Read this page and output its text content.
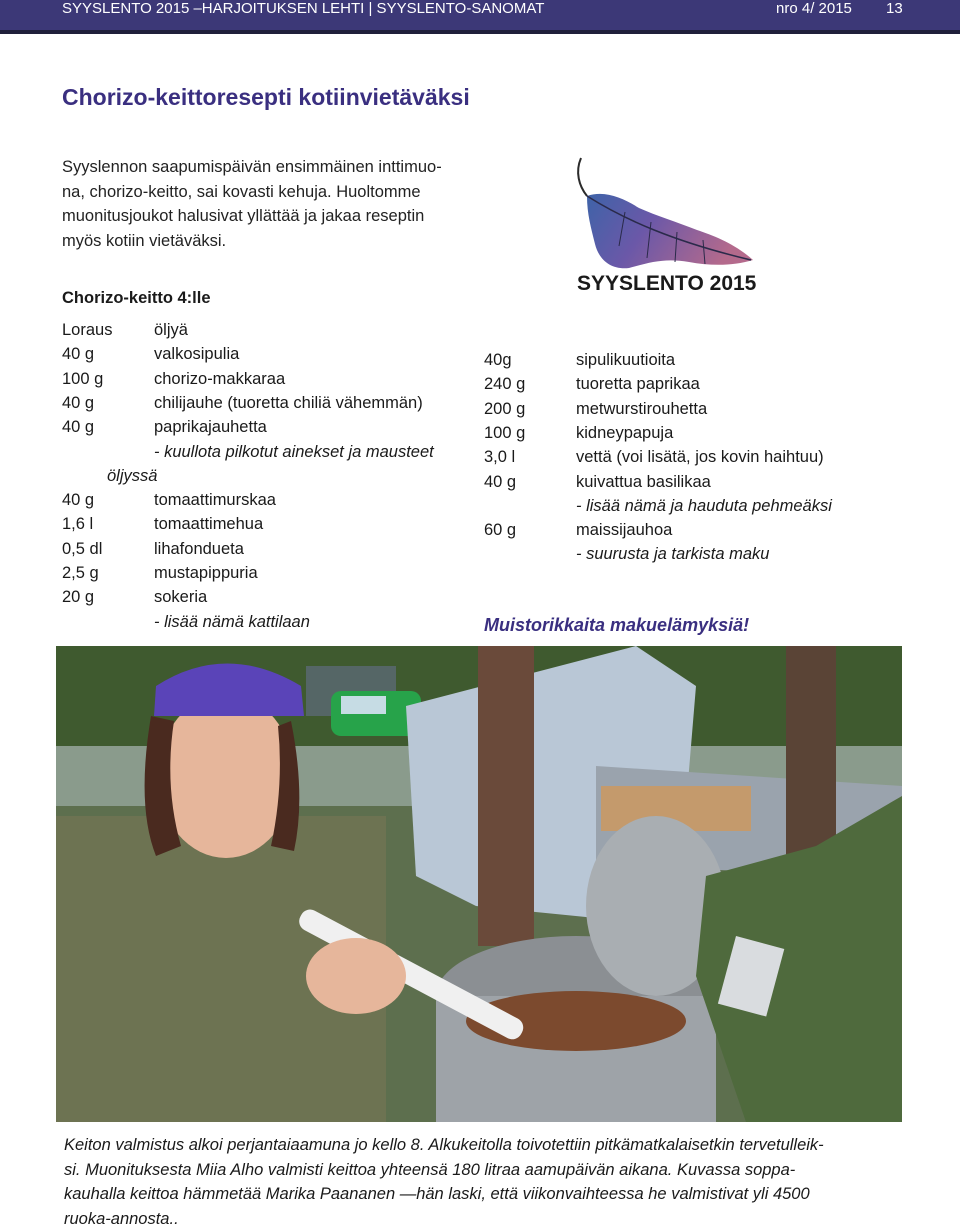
SYYSLENTO 2015 –HARJOITUKSEN LEHTI | SYYSLENTO-SANOMAT	nro 4/ 2015 13
Chorizo-keittoresepti kotiinvietäväksi
Syyslennon saapumispäivän ensimmäinen inttimuo-
na, chorizo-keitto, sai kovasti kehuja. Huoltomme
muonitusjoukot halusivat yllättää ja jakaa reseptin
myös kotiin vietäväksi.
SYYSLENTO 2015
Chorizo-keitto 4:lle
Loraus	öljyä
40 g	valkosipulia
100 g	chorizo-makkaraa
40 g	chilijauhe (tuoretta chiliä vähemmän)
40 g	paprikajauhetta
- kuullota pilkotut ainekset ja mausteet
öljyssä
40 g	tomaattimurskaa
1,6 l	tomaattimehua
0,5 dl	lihafondueta
2,5 g	mustapippuria
20 g	sokeria
- lisää nämä kattilaan
40g	sipulikuutioita
240 g	tuoretta paprikaa
200 g	metwurstirouhetta
100 g	kidneypapuja
3,0 l	vettä (voi lisätä, jos kovin haihtuu)
40 g	kuivattua basilikaa
- lisää nämä ja hauduta pehmeäksi
60 g	maissijauhoa
- suurusta ja tarkista maku
Muistorikkaita makuelämyksiä!
Keiton valmistus alkoi perjantaiaamuna jo kello 8. Alkukeitolla toivotettiin pitkämatkalaisetkin tervetulleik-
si. Muonituksesta Miia Alho valmisti keittoa yhteensä 180 litraa aamupäivän aikana. Kuvassa soppa-
kauhalla keittoa hämmetää Marika Paananen —hän laski, että viikonvaihteessa he valmistivat yli 4500
ruoka-annosta..
